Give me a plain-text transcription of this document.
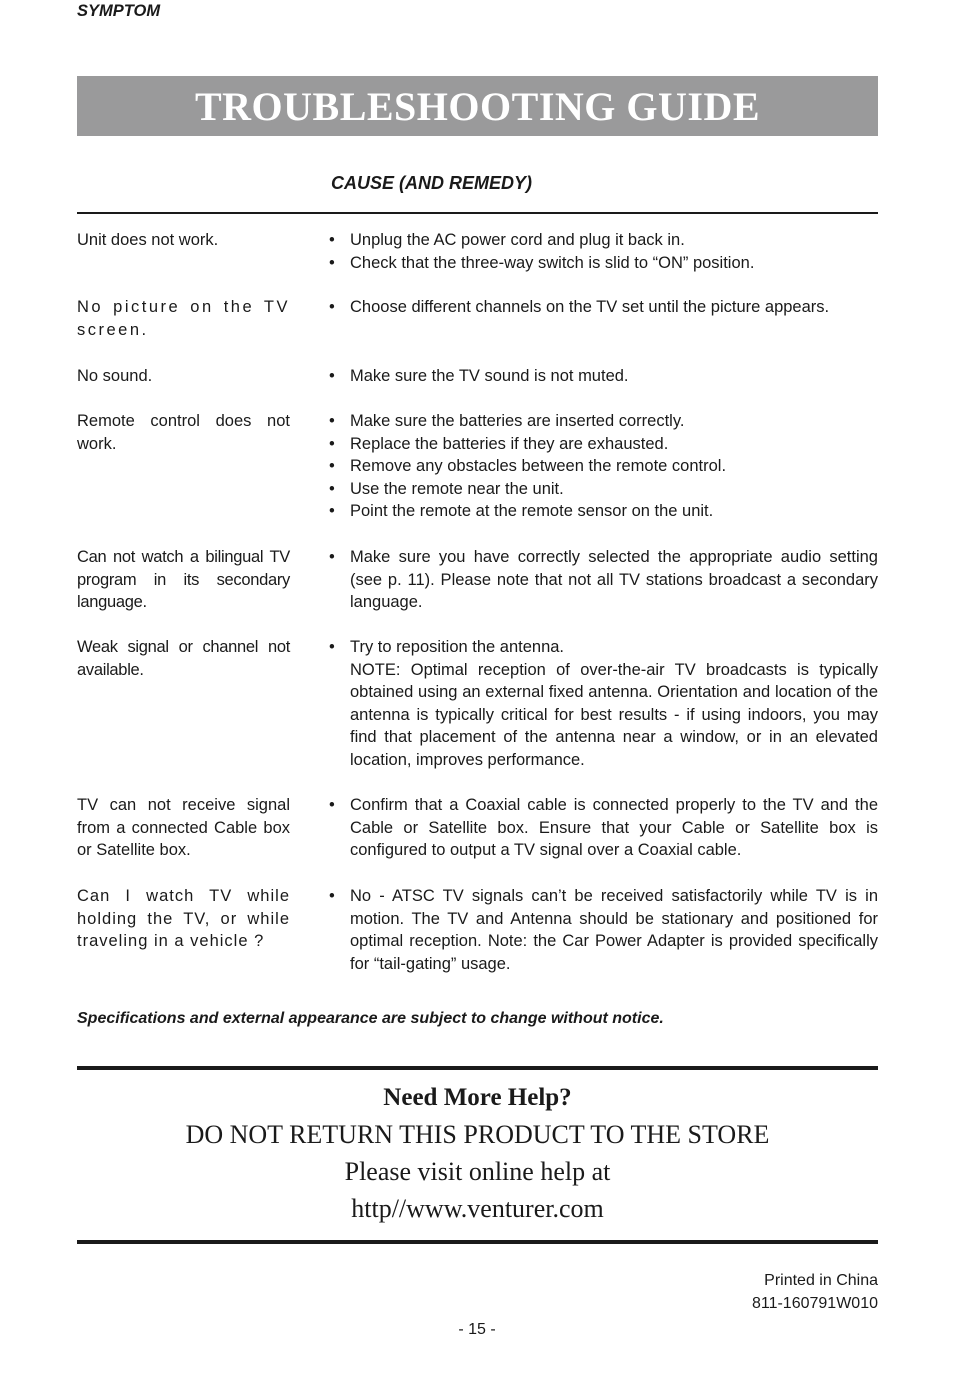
TROUBLESHOOTING GUIDE
SYMPTOM
CAUSE (AND REMEDY)
Unit does not work.	• Unplug the AC power cord and plug it back in.
• Check that the three-way switch is slid to “ON” position.
No picture on the TV screen.
• Choose different channels on the TV set until the picture appears.
No sound.	• Make sure the TV sound is not muted.
Remote control does not work.
• Make sure the batteries are inserted correctly.
• Replace the batteries if they are exhausted.
• Remove any obstacles between the remote control.
• Use the remote near the unit.
• Point the remote at the remote sensor on the unit.
Can not watch a bilingual TV program in its secondary language.
• Make sure you have correctly selected the appropriate audio setting (see p. 11). Please note that not all TV stations broadcast a secondary language.
Weak signal or channel not available.
• Try to reposition the antenna.
NOTE: Optimal reception of over-the-air TV broadcasts is typically obtained using an external fixed antenna. Orientation and location of the antenna is typically critical for best results - if using indoors, you may find that placement of the antenna near a window, or in an elevated location, improves performance.
TV can not receive signal from a connected Cable box or Satellite box.
• Confirm that a Coaxial cable is connected properly to the TV and the Cable or Satellite box. Ensure that your Cable or Satellite box is configured to output a TV signal over a Coaxial cable.
Can I watch TV while holding the TV, or while traveling in a vehicle ?
• No - ATSC TV signals can’t be received satisfactorily while TV is in motion. The TV and Antenna should be stationary and positioned for optimal reception. Note: the Car Power Adapter is provided specifically for “tail-gating” usage.
Specifications and external appearance are subject to change without notice.
Need More Help?
DO NOT RETURN THIS PRODUCT TO THE STORE
Please visit online help at
http//www.venturer.com
Printed in China
811-160791W010
- 15 -
